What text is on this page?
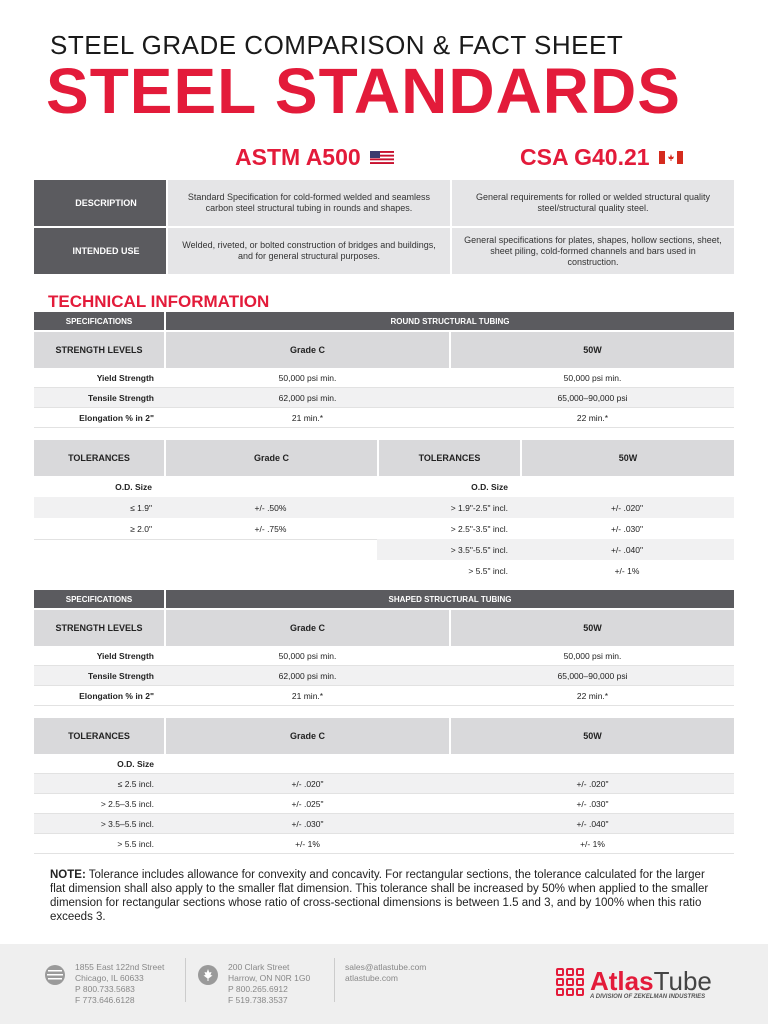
STEEL GRADE COMPARISON & FACT SHEET
STEEL STANDARDS
ASTM A500	CSA G40.21
DESCRIPTION
Standard Specification for cold-formed welded and seamless carbon steel structural tubing in rounds and shapes.
General requirements for rolled or welded structural quality steel/structural quality steel.
INTENDED USE
Welded, riveted, or bolted construction of bridges and buildings, and for general structural purposes.
General specifications for plates, shapes, hollow sections, sheet, sheet piling, cold-formed channels and bars used in construction.
TECHNICAL INFORMATION
SPECIFICATIONS	ROUND STRUCTURAL TUBING
STRENGTH LEVELS	Grade C	50W
Yield Strength	50,000 psi min.	50,000 psi min.
Tensile Strength	62,000 psi min.	65,000–90,000 psi
Elongation % in 2"	21 min.*	22 min.*
TOLERANCES	Grade C	TOLERANCES	50W
O.D. Size	O.D. Size
≤ 1.9"	+/- .50%	> 1.9"-2.5" incl.	+/- .020"
≥ 2.0"	+/- .75%	> 2.5"-3.5" incl.	+/- .030"
> 3.5"-5.5" incl.	+/- .040"
> 5.5" incl.	+/- 1%
SPECIFICATIONS	SHAPED STRUCTURAL TUBING
STRENGTH LEVELS	Grade C	50W
Yield Strength	50,000 psi min.	50,000 psi min.
Tensile Strength	62,000 psi min.	65,000–90,000 psi
Elongation % in 2"	21 min.*	22 min.*
TOLERANCES	Grade C	50W
O.D. Size
≤ 2.5 incl.	+/- .020"	+/- .020"
> 2.5–3.5 incl.	+/- .025"	+/- .030"
> 3.5–5.5 incl.	+/- .030"	+/- .040"
> 5.5 incl.	+/- 1%	+/- 1%
NOTE: Tolerance includes allowance for convexity and concavity. For rectangular sections, the tolerance calculated for the larger flat dimension shall also apply to the smaller flat dimension. This tolerance shall be increased by 50% when applied to the smaller dimension for rectangular sections whose ratio of cross-sectional dimensions is between 1.5 and 3, and by 100% when this ratio exceeds 3.
1855 East 122nd Street
Chicago, IL 60633
P 800.733.5683
F 773.646.6128
200 Clark Street
Harrow, ON N0R 1G0
P 800.265.6912
F 519.738.3537
sales@atlastube.com
atlastube.com	AtlasTube
A DIVISION OF ZEKELMAN INDUSTRIES
